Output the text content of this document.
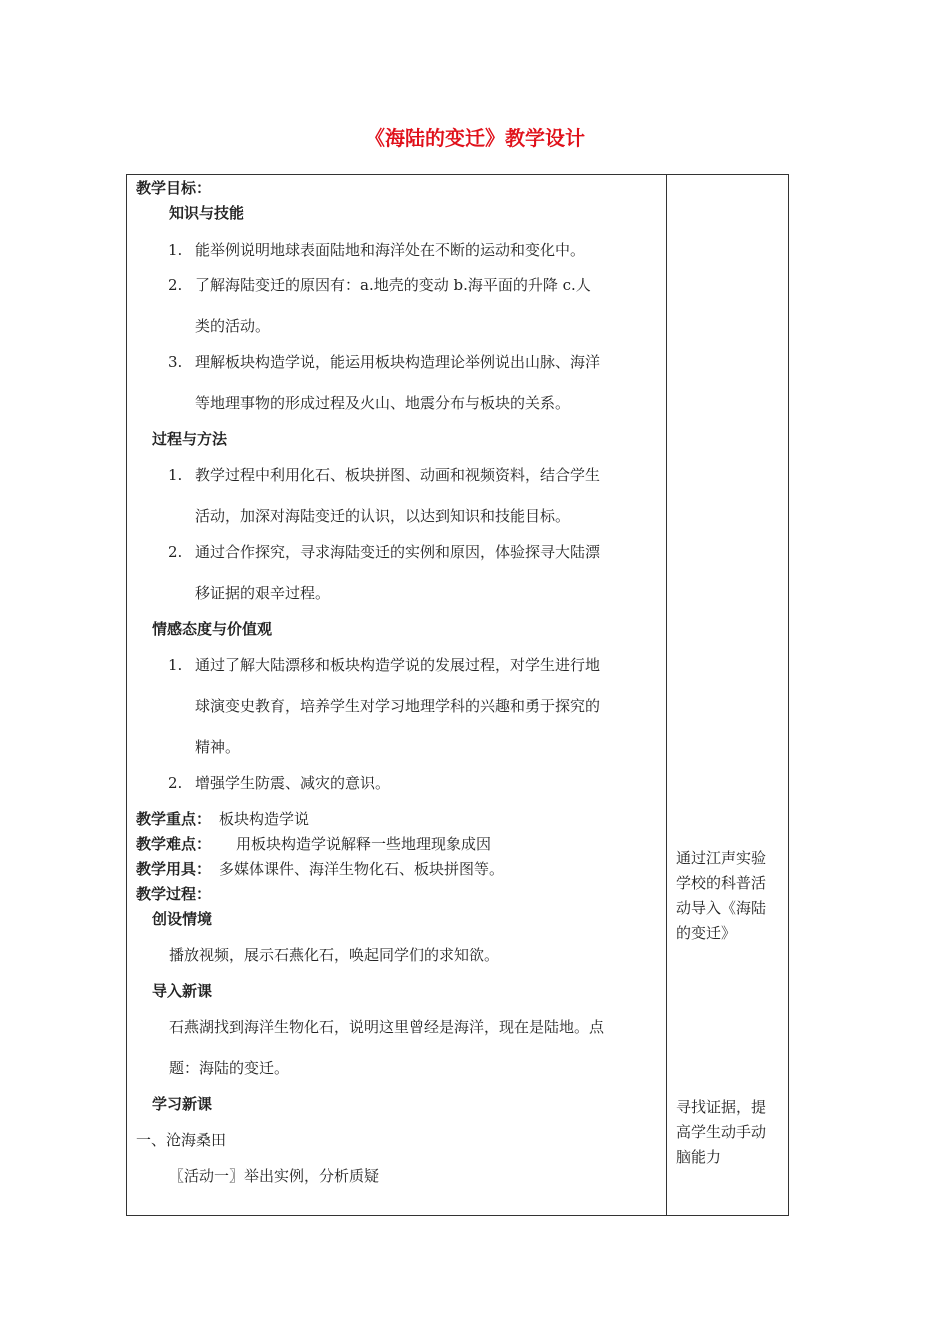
《海陆的变迁》教学设计
教学目标：
知识与技能
1. 能举例说明地球表面陆地和海洋处在不断的运动和变化中。
2. 了解海陆变迁的原因有：a.地壳的变动 b.海平面的升降 c.人
类的活动。
3. 理解板块构造学说，能运用板块构造理论举例说出山脉、海洋
等地理事物的形成过程及火山、地震分布与板块的关系。
过程与方法
1. 教学过程中利用化石、板块拼图、动画和视频资料，结合学生
活动，加深对海陆变迁的认识，以达到知识和技能目标。
2. 通过合作探究，寻求海陆变迁的实例和原因，体验探寻大陆漂
移证据的艰辛过程。
情感态度与价值观
1. 通过了解大陆漂移和板块构造学说的发展过程，对学生进行地
球演变史教育，培养学生对学习地理学科的兴趣和勇于探究的
精神。
2. 增强学生防震、减灾的意识。
教学重点： 板块构造学说
教学难点： 用板块构造学说解释一些地理现象成因
教学用具： 多媒体课件、海洋生物化石、板块拼图等。
教学过程：
创设情境
播放视频，展示石燕化石，唤起同学们的求知欲。
导入新课
石燕湖找到海洋生物化石，说明这里曾经是海洋，现在是陆地。点
题：海陆的变迁。
学习新课
一、沧海桑田
〖活动一〗举出实例，分析质疑
通过江声实验
学校的科普活
动导入《海陆
的变迁》
寻找证据，提
高学生动手动
脑能力
